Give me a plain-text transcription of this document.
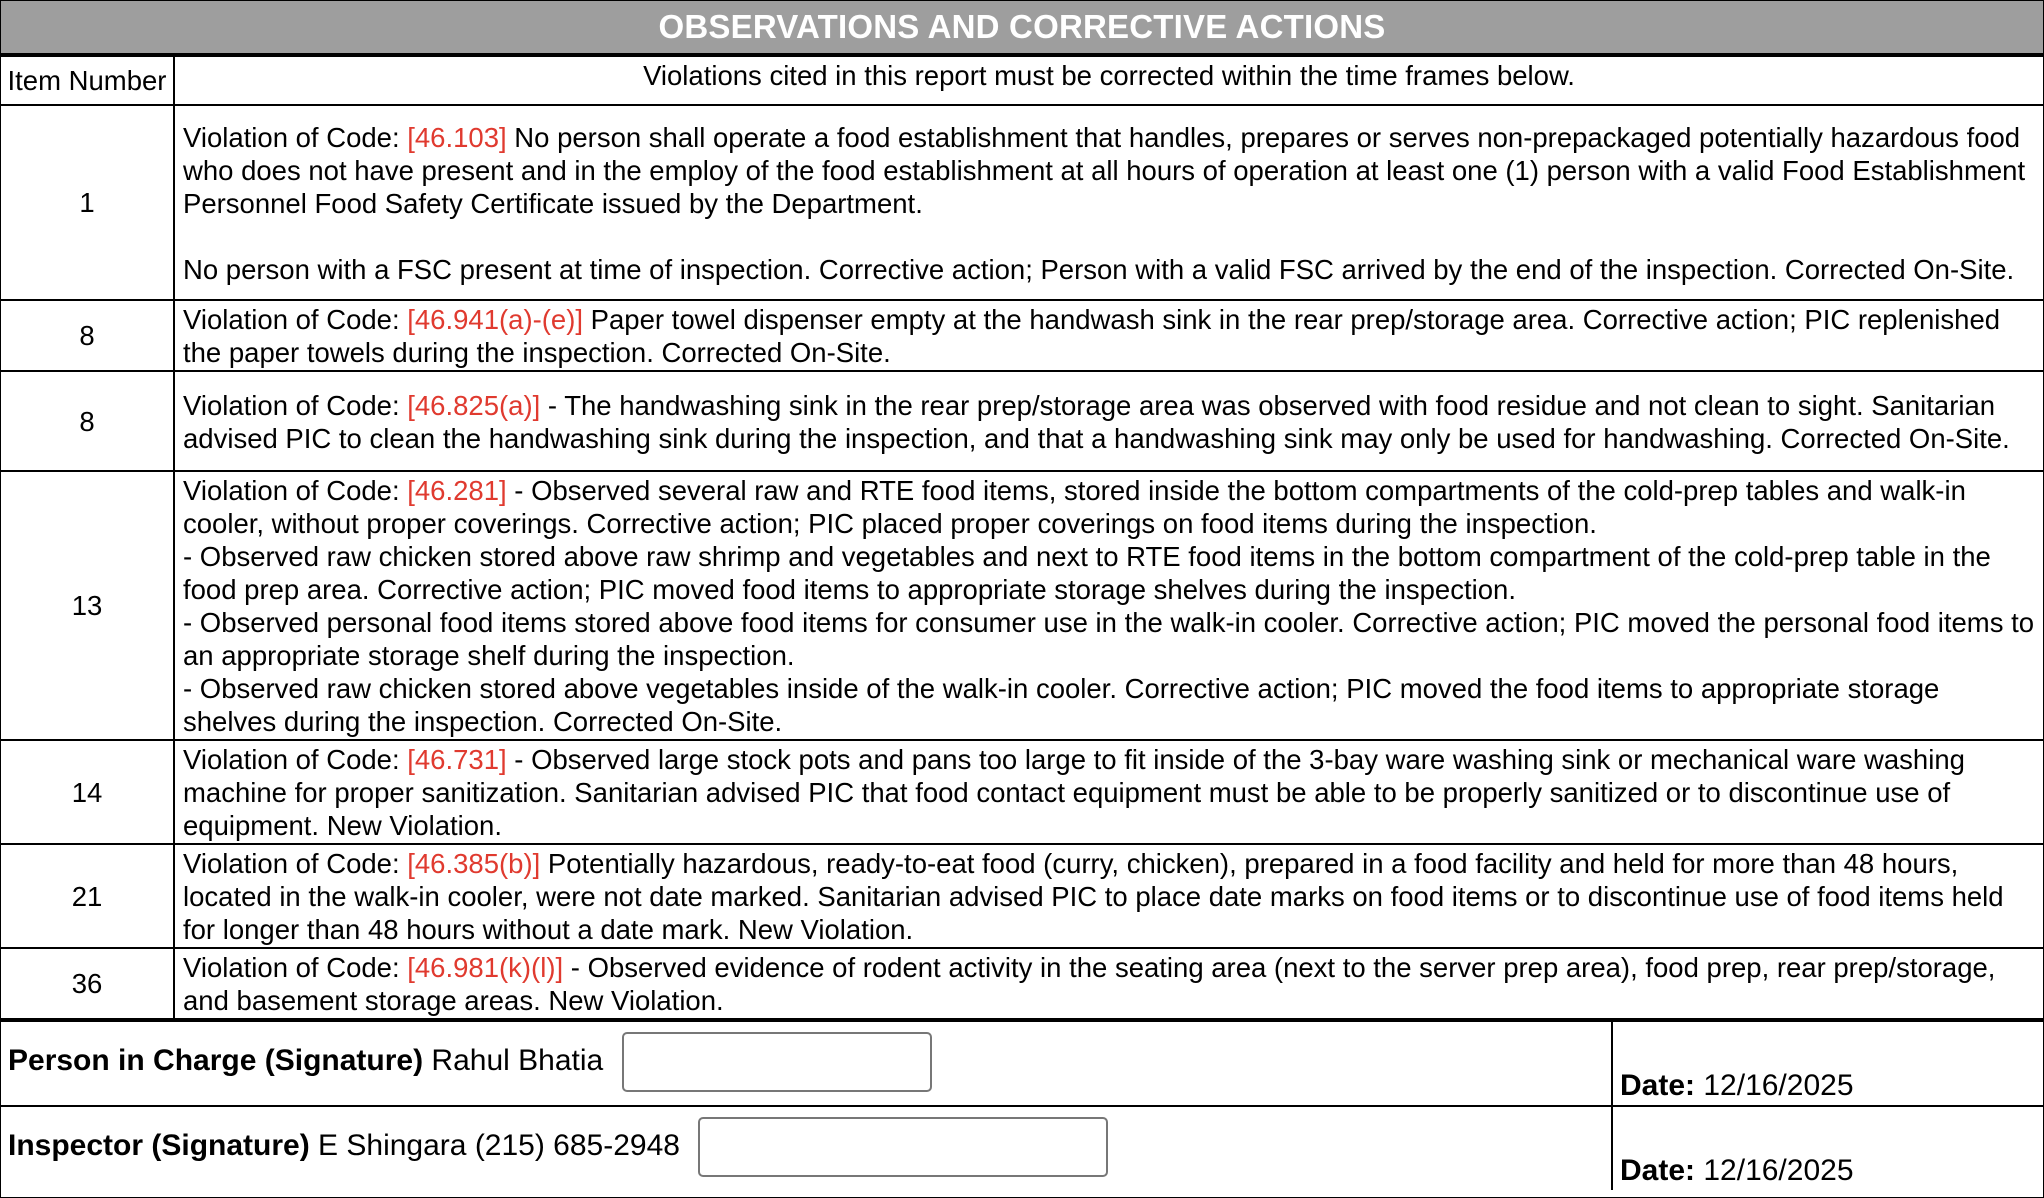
OBSERVATIONS AND CORRECTIVE ACTIONS
Item Number	Violations cited in this report must be corrected within the time frames below.
1	Violation of Code: [46.103] No person shall operate a food establishment that handles, prepares or serves non-prepackaged potentially hazardous food who does not have present and in the employ of the food establishment at all hours of operation at least one (1) person with a valid Food Establishment Personnel Food Safety Certificate issued by the Department.
No person with a FSC present at time of inspection. Corrective action; Person with a valid FSC arrived by the end of the inspection. Corrected On-Site.

8	Violation of Code: [46.941(a)-(e)] Paper towel dispenser empty at the handwash sink in the rear prep/storage area. Corrective action; PIC replenished the paper towels during the inspection. Corrected On-Site.
8	Violation of Code: [46.825(a)] - The handwashing sink in the rear prep/storage area was observed with food residue and not clean to sight. Sanitarian advised PIC to clean the handwashing sink during the inspection, and that a handwashing sink may only be used for handwashing. Corrected On-Site.
13	Violation of Code: [46.281] - Observed several raw and RTE food items, stored inside the bottom compartments of the cold-prep tables and walk-in cooler, without proper coverings. Corrective action; PIC placed proper coverings on food items during the inspection.
- Observed raw chicken stored above raw shrimp and vegetables and next to RTE food items in the bottom compartment of the cold-prep table in the food prep area. Corrective action; PIC moved food items to appropriate storage shelves during the inspection.
- Observed personal food items stored above food items for consumer use in the walk-in cooler. Corrective action; PIC moved the personal food items to an appropriate storage shelf during the inspection.
- Observed raw chicken stored above vegetables inside of the walk-in cooler. Corrective action; PIC moved the food items to appropriate storage shelves during the inspection. Corrected On-Site.

14	Violation of Code: [46.731] - Observed large stock pots and pans too large to fit inside of the 3-bay ware washing sink or mechanical ware washing machine for proper sanitization. Sanitarian advised PIC that food contact equipment must be able to be properly sanitized or to discontinue use of equipment. New Violation.
21	Violation of Code: [46.385(b)] Potentially hazardous, ready-to-eat food (curry, chicken), prepared in a food facility and held for more than 48 hours, located in the walk-in cooler, were not date marked. Sanitarian advised PIC to place date marks on food items or to discontinue use of food items held for longer than 48 hours without a date mark. New Violation.
36	Violation of Code: [46.981(k)(l)] - Observed evidence of rodent activity in the seating area (next to the server prep area), food prep, rear prep/storage, and basement storage areas. New Violation.
Person in Charge (Signature) Rahul Bhatia	Date: 12/16/2025

Inspector (Signature) E Shingara (215) 685-2948	Date: 12/16/2025
